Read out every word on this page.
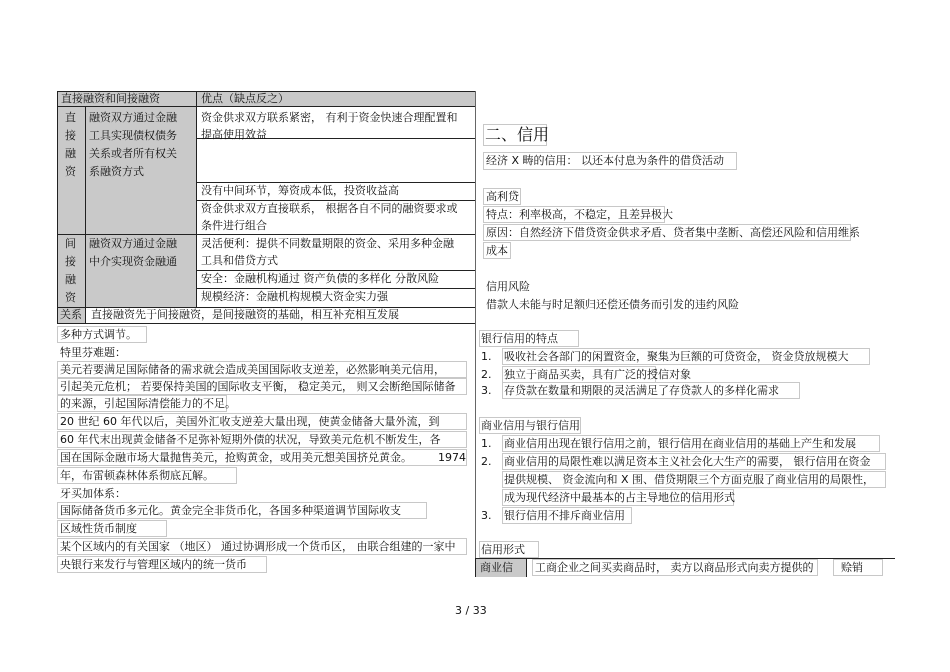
直接融资和间接融资	优点（缺点反之）
直
接
融
资
融资双方通过金融
工具实现债权债务
关系或者所有权关
系融资方式
资金供求双方联系紧密， 有利于资金快速合理配置和
提高使用效益
没有中间环节，筹资成本低，投资收益高
资金供求双方直接联系， 根据各自不同的融资要求或
条件进行组合
间
接
融
资
融资双方通过金融
中介实现资金融通
灵活便利：提供不同数量期限的资金、采用多种金融
工具和借贷方式
安全：金融机构通过 资产负债的多样化 分散风险
规模经济：金融机构规模大资金实力强
关系 直接融资先于间接融资，是间接融资的基础，相互补充相互发展
多种方式调节。
特里芬难题：
美元若要满足国际储备的需求就会造成美国国际收支逆差，必然影响美元信用，
引起美元危机； 若要保持美国的国际收支平衡， 稳定美元， 则又会断绝国际储备
的来源，引起国际清偿能力的不足。
20 世纪 60 年代以后，美国外汇收支逆差大量出现，使黄金储备大量外流，到
60 年代末出现黄金储备不足弥补短期外债的状况，导致美元危机不断发生，各
国在国际金融市场大量抛售美元，抢购黄金，或用美元想美国挤兑黄金。 1974
年，布雷顿森林体系彻底瓦解。
牙买加体系：
国际储备货币多元化。黄金完全非货币化，各国多种渠道调节国际收支
区域性货币制度
某个区域内的有关国家 （地区） 通过协调形成一个货币区， 由联合组建的一家中
央银行来发行与管理区域内的统一货币
二、信用
经济 X 畴的信用： 以还本付息为条件的借贷活动
高利贷
特点：利率极高，不稳定，且差异极大
原因：自然经济下借贷资金供求矛盾、贷者集中垄断、高偿还风险和信用维系
成本
信用风险
借款人未能与时足额归还偿还债务而引发的违约风险
银行信用的特点
1. 吸收社会各部门的闲置资金，聚集为巨额的可贷资金， 资金贷放规模大
2. 独立于商品买卖，具有广泛的授信对象
3. 存贷款在数量和期限的灵活满足了存贷款人的多样化需求
商业信用与银行信用
1. 商业信用出现在银行信用之前，银行信用在商业信用的基础上产生和发展
2. 商业信用的局限性难以满足资本主义社会化大生产的需要， 银行信用在资金
提供规模、 资金流向和 X 围、借贷期限三个方面克服了商业信用的局限性，
成为现代经济中最基本的占主导地位的信用形式
3. 银行信用不排斥商业信用
信用形式
商业信 工商企业之间买卖商品时， 卖方以商品形式向卖方提供的	赊销
3 / 33
